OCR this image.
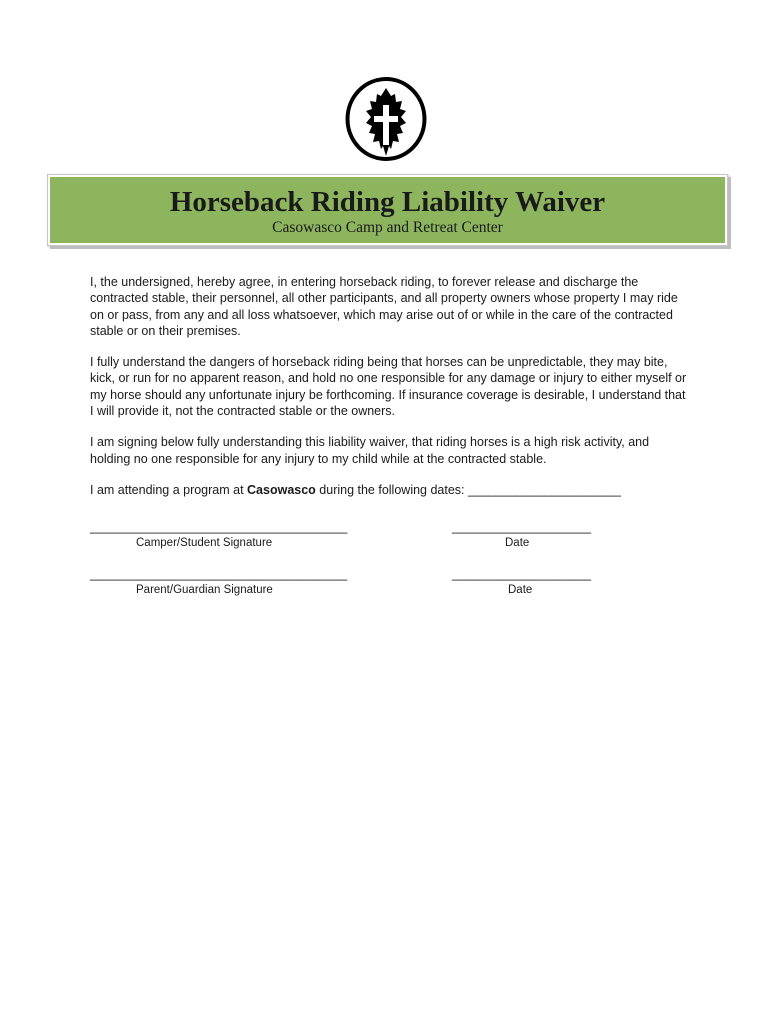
Horseback Riding Liability Waiver

Casowasco Camp and Retreat Center

I, the undersigned, hereby agree, in entering horseback riding, to forever release and discharge the contracted stable, their personnel, all other participants, and all property owners whose property I may ride on or pass, from any and all loss whatsoever, which may arise out of or while in the care of the contracted stable or on their premises.

I fully understand the dangers of horseback riding being that horses can be unpredictable, they may bite, kick, or run for no apparent reason, and hold no one responsible for any damage or injury to either myself or my horse should any unfortunate injury be forthcoming. If insurance coverage is desirable, I understand that I will provide it, not the contracted stable or the owners.

I am signing below fully understanding this liability waiver, that riding horses is a high risk activity, and holding no one responsible for any injury to my child while at the contracted stable.

I am attending a program at Casowasco during the following dates: ______________________

_____________________________________	____________________
Camper/Student Signature	Date
_____________________________________	____________________
Parent/Guardian Signature	Date
